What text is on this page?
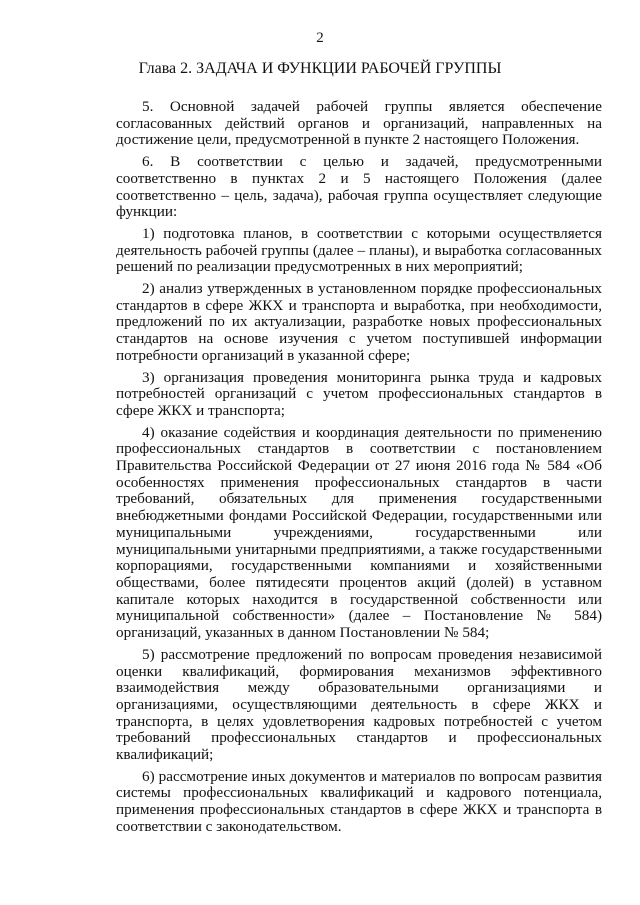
2
Глава 2. ЗАДАЧА И ФУНКЦИИ РАБОЧЕЙ ГРУППЫ

5. Основной задачей рабочей группы является обеспечение согласованных действий органов и организаций, направленных на достижение цели, предусмотренной в пункте 2 настоящего Положения.

6. В соответствии с целью и задачей, предусмотренными соответственно в пунктах 2 и 5 настоящего Положения (далее соответственно – цель, задача), рабочая группа осуществляет следующие функции:

1) подготовка планов, в соответствии с которыми осуществляется деятельность рабочей группы (далее – планы), и выработка согласованных решений по реализации предусмотренных в них мероприятий;

2) анализ утвержденных в установленном порядке профессиональных стандартов в сфере ЖКХ и транспорта и выработка, при необходимости, предложений по их актуализации, разработке новых профессиональных стандартов на основе изучения с учетом поступившей информации потребности организаций в указанной сфере;

3) организация проведения мониторинга рынка труда и кадровых потребностей организаций с учетом профессиональных стандартов в сфере ЖКХ и транспорта;

4) оказание содействия и координация деятельности по применению профессиональных стандартов в соответствии с постановлением Правительства Российской Федерации от 27 июня 2016 года № 584 «Об особенностях применения профессиональных стандартов в части требований, обязательных для применения государственными внебюджетными фондами Российской Федерации, государственными или муниципальными учреждениями, государственными или муниципальными унитарными предприятиями, а также государственными корпорациями, государственными компаниями и хозяйственными обществами, более пятидесяти процентов акций (долей) в уставном капитале которых находится в государственной собственности или муниципальной собственности» (далее – Постановление № 584) организаций, указанных в данном Постановлении № 584;

5) рассмотрение предложений по вопросам проведения независимой оценки квалификаций, формирования механизмов эффективного взаимодействия между образовательными организациями и организациями, осуществляющими деятельность в сфере ЖКХ и транспорта, в целях удовлетворения кадровых потребностей с учетом требований профессиональных стандартов и профессиональных квалификаций;

6) рассмотрение иных документов и материалов по вопросам развития системы профессиональных квалификаций и кадрового потенциала, применения профессиональных стандартов в сфере ЖКХ и транспорта в соответствии с законодательством.
